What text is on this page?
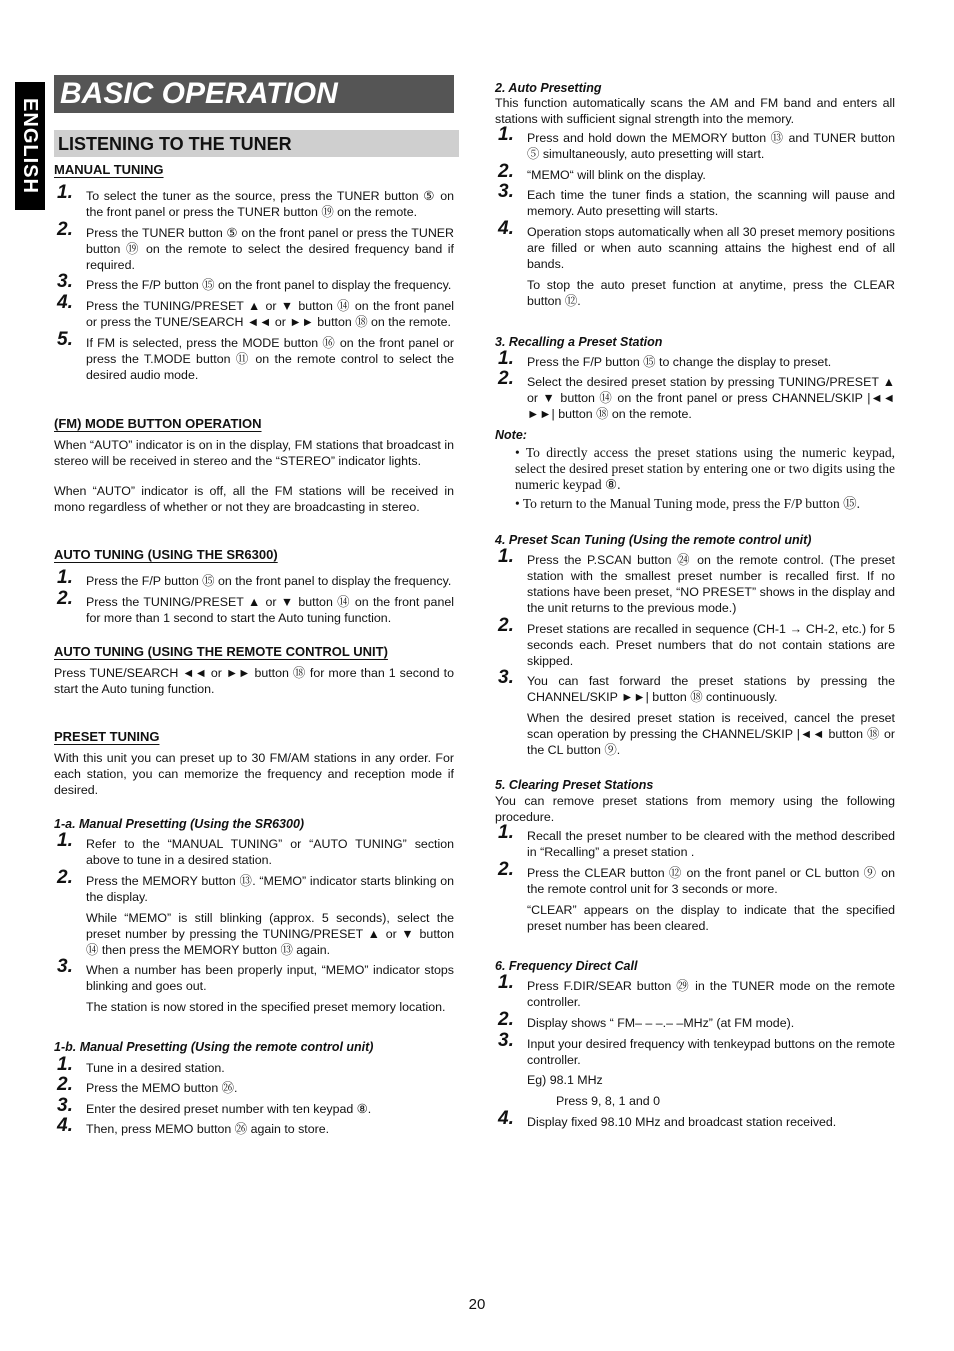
ENGLISH
BASIC OPERATION
LISTENING TO THE TUNER
MANUAL TUNING
1. To select the tuner as the source, press the TUNER button ⑤ on the front panel or press the TUNER button ⑲ on the remote.
2. Press the TUNER button ⑤ on the front panel or press the TUNER button ⑲ on the remote to select the desired frequency band if required.
3. Press the F/P button ⑮ on the front panel to display the frequency.
4. Press the TUNING/PRESET ▲ or ▼ button ⑭ on the front panel or press the TUNE/SEARCH ◄◄ or ►► button ⑱ on the remote.
5. If FM is selected, press the MODE button ⑯ on the front panel or press the T.MODE button ⑪ on the remote control to select the desired audio mode.
(FM) MODE BUTTON OPERATION
When “AUTO” indicator is on in the display, FM stations that broadcast in stereo will be received in stereo and the “STEREO” indicator lights.
When “AUTO” indicator is off, all the FM stations will be received in mono regardless of whether or not they are broadcasting in stereo.
AUTO TUNING (USING THE SR6300)
1. Press the F/P button ⑮ on the front panel to display the frequency.
2. Press the TUNING/PRESET ▲ or ▼ button ⑭ on the front panel for more than 1 second to start the Auto tuning function.
AUTO TUNING (USING THE REMOTE CONTROL UNIT)
Press TUNE/SEARCH ◄◄ or ►► button ⑱ for more than 1 second to start the Auto tuning function.
PRESET TUNING
With this unit you can preset up to 30 FM/AM stations in any order. For each station, you can memorize the frequency and reception mode if desired.
1-a. Manual Presetting (Using the SR6300)
1. Refer to the “MANUAL TUNING” or “AUTO TUNING” section above to tune in a desired station.
2. Press the MEMORY button ⑬. “MEMO” indicator starts blinking on the display.

While “MEMO” is still blinking (approx. 5 seconds), select the preset number by pressing the TUNING/PRESET ▲ or ▼ button ⑭ then press the MEMORY button ⑬ again.

3. When a number has been properly input, “MEMO” indicator stops blinking and goes out.

The station is now stored in the specified preset memory location.

1-b. Manual Presetting (Using the remote control unit)
1. Tune in a desired station.
2. Press the MEMO button ㉖.
3. Enter the desired preset number with ten keypad ⑧.
4. Then, press MEMO button ㉖ again to store.
2. Auto Presetting
This function automatically scans the AM and FM band and enters all stations with sufficient signal strength into the memory.
1. Press and hold down the MEMORY button ⑬ and TUNER button ⑤ simultaneously, auto presetting will start.
2. “MEMO“ will blink on the display.
3. Each time the tuner finds a station, the scanning will pause and memory. Auto presetting will starts.
4. Operation stops automatically when all 30 preset memory positions are filled or when auto scanning attains the highest end of all bands.

To stop the auto preset function at anytime, press the CLEAR button ⑫.

3. Recalling a Preset Station
1. Press the F/P button ⑮ to change the display to preset.
2. Select the desired preset station by pressing TUNING/PRESET ▲ or ▼ button ⑭ on the front panel or press CHANNEL/SKIP |◄◄ ►►| button ⑱ on the remote.
Note:
• To directly access the preset stations using the numeric keypad, select the desired preset station by entering one or two digits using the numeric keypad ⑧.
• To return to the Manual Tuning mode, press the F/P button ⑮.
4. Preset Scan Tuning (Using the remote control unit)
1. Press the P.SCAN button ㉔ on the remote control. (The preset station with the smallest preset number is recalled first. If no stations have been preset, “NO PRESET” shows in the display and the unit returns to the previous mode.)
2. Preset stations are recalled in sequence (CH-1 → CH-2, etc.) for 5 seconds each. Preset numbers that do not contain stations are skipped.
3. You can fast forward the preset stations by pressing the CHANNEL/SKIP ►►| button ⑱ continuously.

When the desired preset station is received, cancel the preset scan operation by pressing the CHANNEL/SKIP |◄◄ button ⑱ or the CL button ⑨.

5. Clearing Preset Stations
You can remove preset stations from memory using the following procedure.
1. Recall the preset number to be cleared with the method described in “Recalling” a preset station .
2. Press the CLEAR button ⑫ on the front panel or CL button ⑨ on the remote control unit for 3 seconds or more.

“CLEAR” appears on the display to indicate that the specified preset number has been cleared.

6. Frequency Direct Call
1. Press F.DIR/SEAR button ㉙ in the TUNER mode on the remote controller.
2. Display shows “ FM– – –.– –MHz” (at FM mode).
3. Input your desired frequency with tenkeypad buttons on the remote controller.
Eg) 98.1 MHz
Press 9, 8, 1 and 0
4. Display fixed 98.10 MHz and broadcast station received.
20
